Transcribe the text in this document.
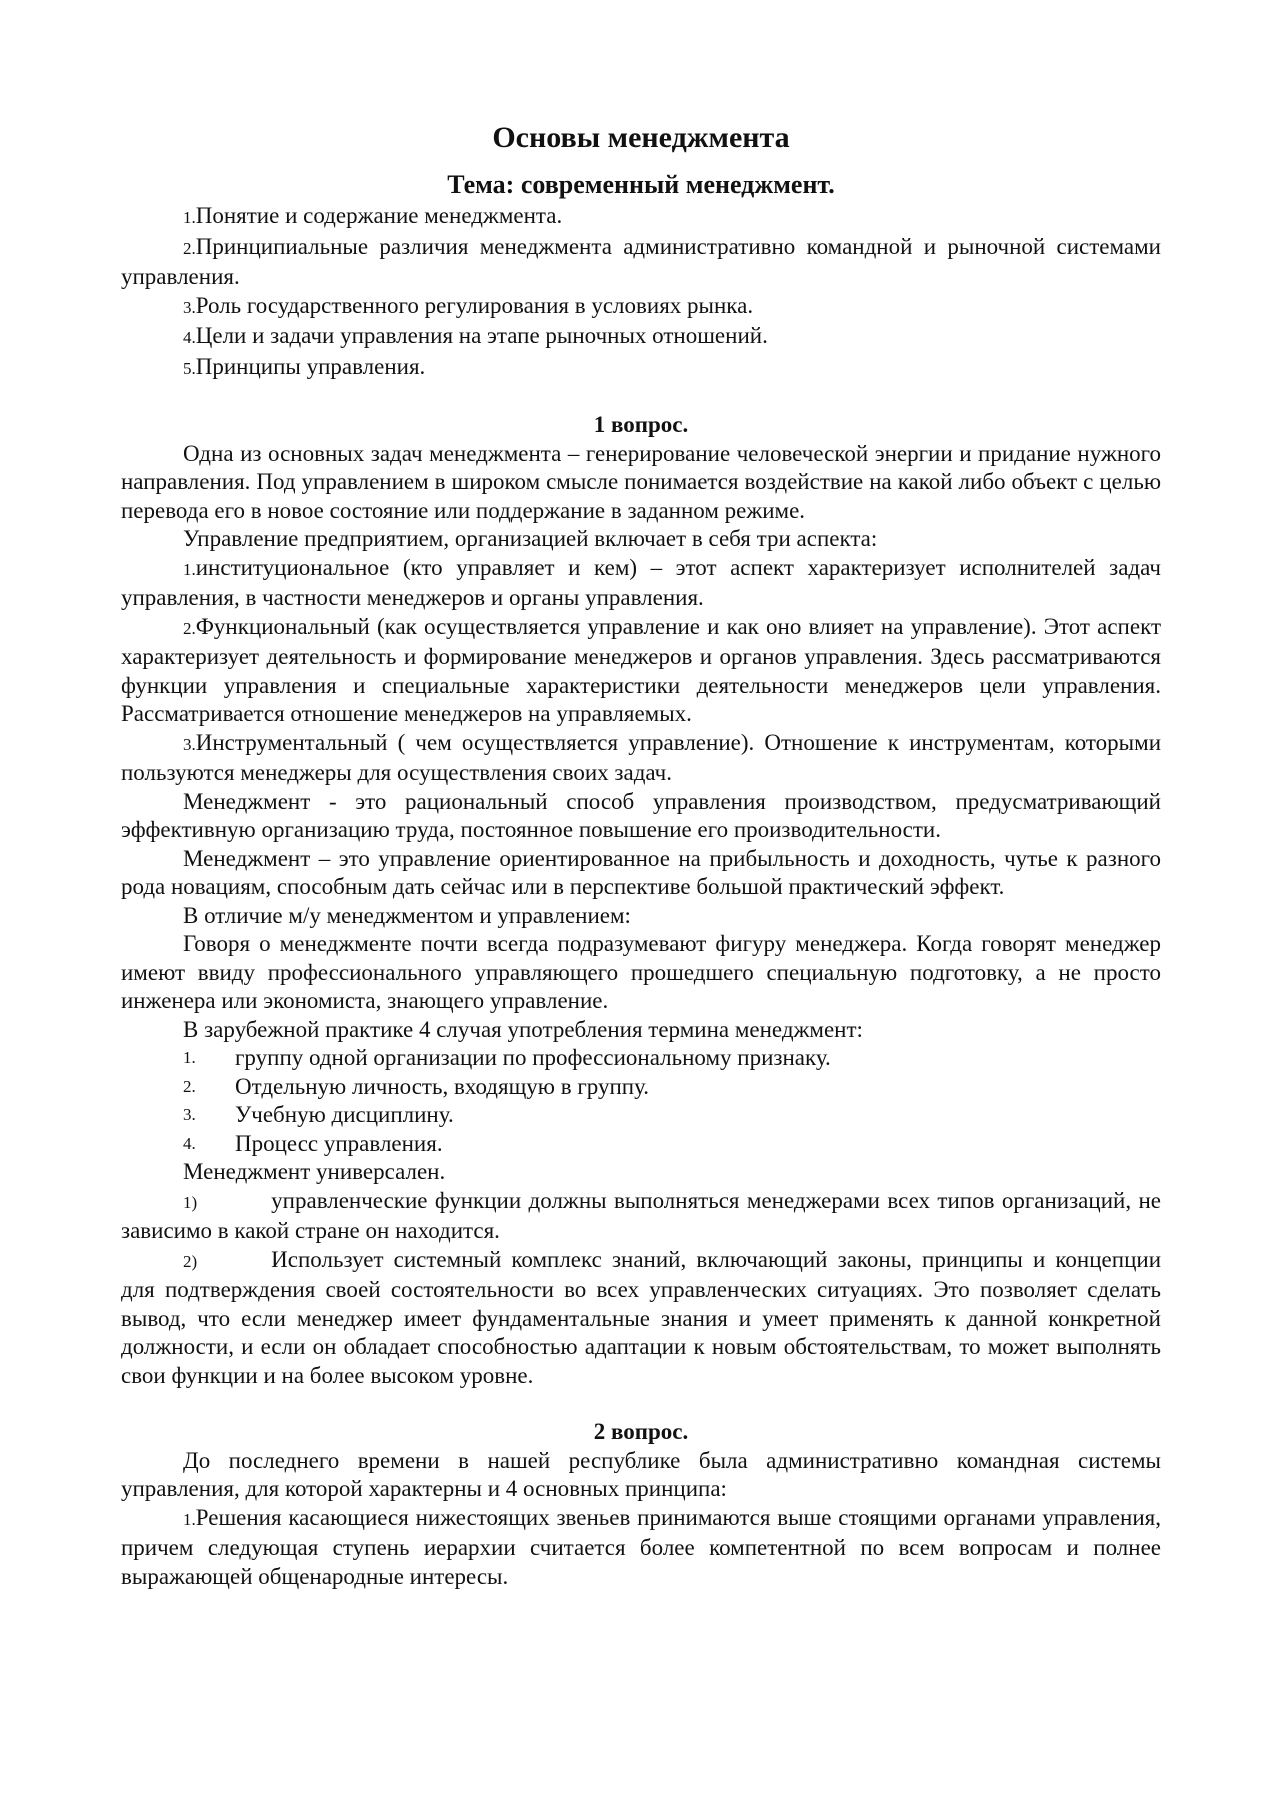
Основы менеджмента
Тема: современный менеджмент.

1.Понятие и содержание менеджмента.

2.Принципиальные различия менеджмента административно командной и рыночной системами управления.

3.Роль государственного регулирования в условиях рынка.

4.Цели и задачи управления на этапе рыночных отношений.

5.Принципы управления.

1 вопрос.

Одна из основных задач менеджмента – генерирование человеческой энергии и придание нужного направления. Под управлением в широком смысле понимается воздействие на какой либо объект с целью перевода его в новое состояние или поддержание в заданном режиме.

Управление предприятием, организацией включает в себя три аспекта:

1.институциональное (кто управляет и кем) – этот аспект характеризует исполнителей задач управления, в частности менеджеров и органы управления.

2.Функциональный (как осуществляется управление и как оно влияет на управление). Этот аспект характеризует деятельность и формирование менеджеров и органов управления. Здесь рассматриваются функции управления и специальные характеристики деятельности менеджеров цели управления. Рассматривается отношение менеджеров на управляемых.

3.Инструментальный ( чем осуществляется управление). Отношение к инструментам, которыми пользуются менеджеры для осуществления своих задач.

Менеджмент - это рациональный способ управления производством, предусматривающий эффективную организацию труда, постоянное повышение его производительности.

Менеджмент – это управление ориентированное на прибыльность и доходность, чутье к разного рода новациям, способным дать сейчас или в перспективе большой практический эффект.

В отличие м/у менеджментом и управлением:

Говоря о менеджменте почти всегда подразумевают фигуру менеджера. Когда говорят менеджер имеют ввиду профессионального управляющего прошедшего специальную подготовку, а не просто инженера или экономиста, знающего управление.

В зарубежной практике 4 случая употребления термина менеджмент:

1.	группу одной организации по профессиональному признаку.
2.	Отдельную личность, входящую в группу.
3.	Учебную дисциплину.
4.	Процесс управления.

Менеджмент универсален.

1)	управленческие функции должны выполняться менеджерами всех типов организаций, не зависимо в какой стране он находится.

2)	Использует системный комплекс знаний, включающий законы, принципы и концепции для подтверждения своей состоятельности во всех управленческих ситуациях. Это позволяет сделать вывод, что если менеджер имеет фундаментальные знания и умеет применять к данной конкретной должности, и если он обладает способностью адаптации к новым обстоятельствам, то может выполнять свои функции и на более высоком уровне.

2 вопрос.

До последнего времени в нашей республике была административно командная системы управления, для которой характерны и 4 основных принципа:

1.Решения касающиеся нижестоящих звеньев принимаются выше стоящими органами управления, причем следующая ступень иерархии считается более компетентной по всем вопросам и полнее выражающей общенародные интересы.
